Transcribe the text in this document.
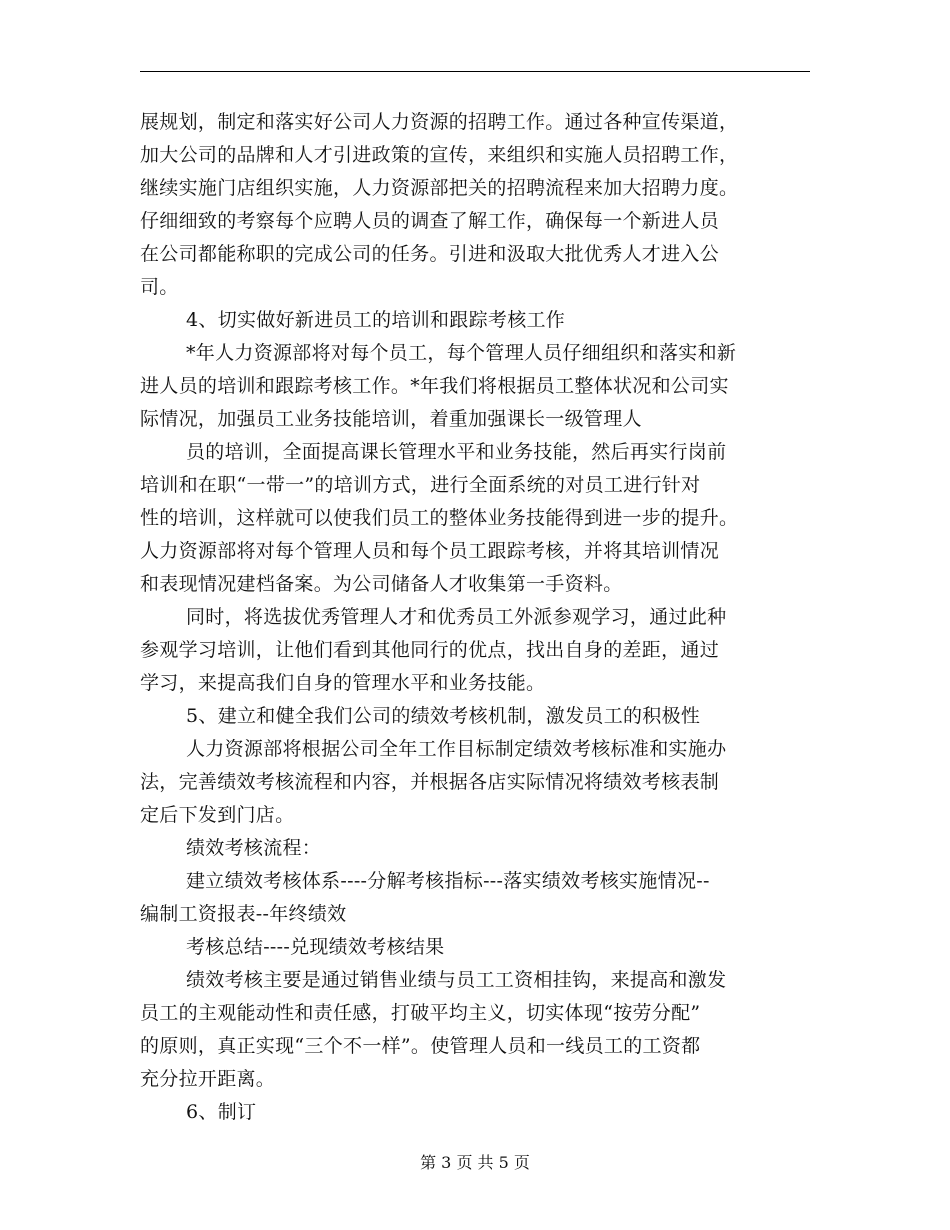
展规划，制定和落实好公司人力资源的招聘工作。通过各种宣传渠道，
加大公司的品牌和人才引进政策的宣传，来组织和实施人员招聘工作，
继续实施门店组织实施，人力资源部把关的招聘流程来加大招聘力度。
仔细细致的考察每个应聘人员的调查了解工作，确保每一个新进人员
在公司都能称职的完成公司的任务。引进和汲取大批优秀人才进入公
司。
4、切实做好新进员工的培训和跟踪考核工作
*年人力资源部将对每个员工，每个管理人员仔细组织和落实和新
进人员的培训和跟踪考核工作。*年我们将根据员工整体状况和公司实
际情况，加强员工业务技能培训，着重加强课长一级管理人
员的培训，全面提高课长管理水平和业务技能，然后再实行岗前
培训和在职“一带一”的培训方式，进行全面系统的对员工进行针对
性的培训，这样就可以使我们员工的整体业务技能得到进一步的提升。
人力资源部将对每个管理人员和每个员工跟踪考核，并将其培训情况
和表现情况建档备案。为公司储备人才收集第一手资料。
同时，将选拔优秀管理人才和优秀员工外派参观学习，通过此种
参观学习培训，让他们看到其他同行的优点，找出自身的差距，通过
学习，来提高我们自身的管理水平和业务技能。
5、建立和健全我们公司的绩效考核机制，激发员工的积极性
人力资源部将根据公司全年工作目标制定绩效考核标准和实施办
法，完善绩效考核流程和内容，并根据各店实际情况将绩效考核表制
定后下发到门店。
绩效考核流程：
建立绩效考核体系----分解考核指标---落实绩效考核实施情况--
编制工资报表--年终绩效
考核总结----兑现绩效考核结果
绩效考核主要是通过销售业绩与员工工资相挂钩，来提高和激发
员工的主观能动性和责任感，打破平均主义，切实体现“按劳分配”
的原则，真正实现“三个不一样”。使管理人员和一线员工的工资都
充分拉开距离。
6、制订
第 3 页 共 5 页
